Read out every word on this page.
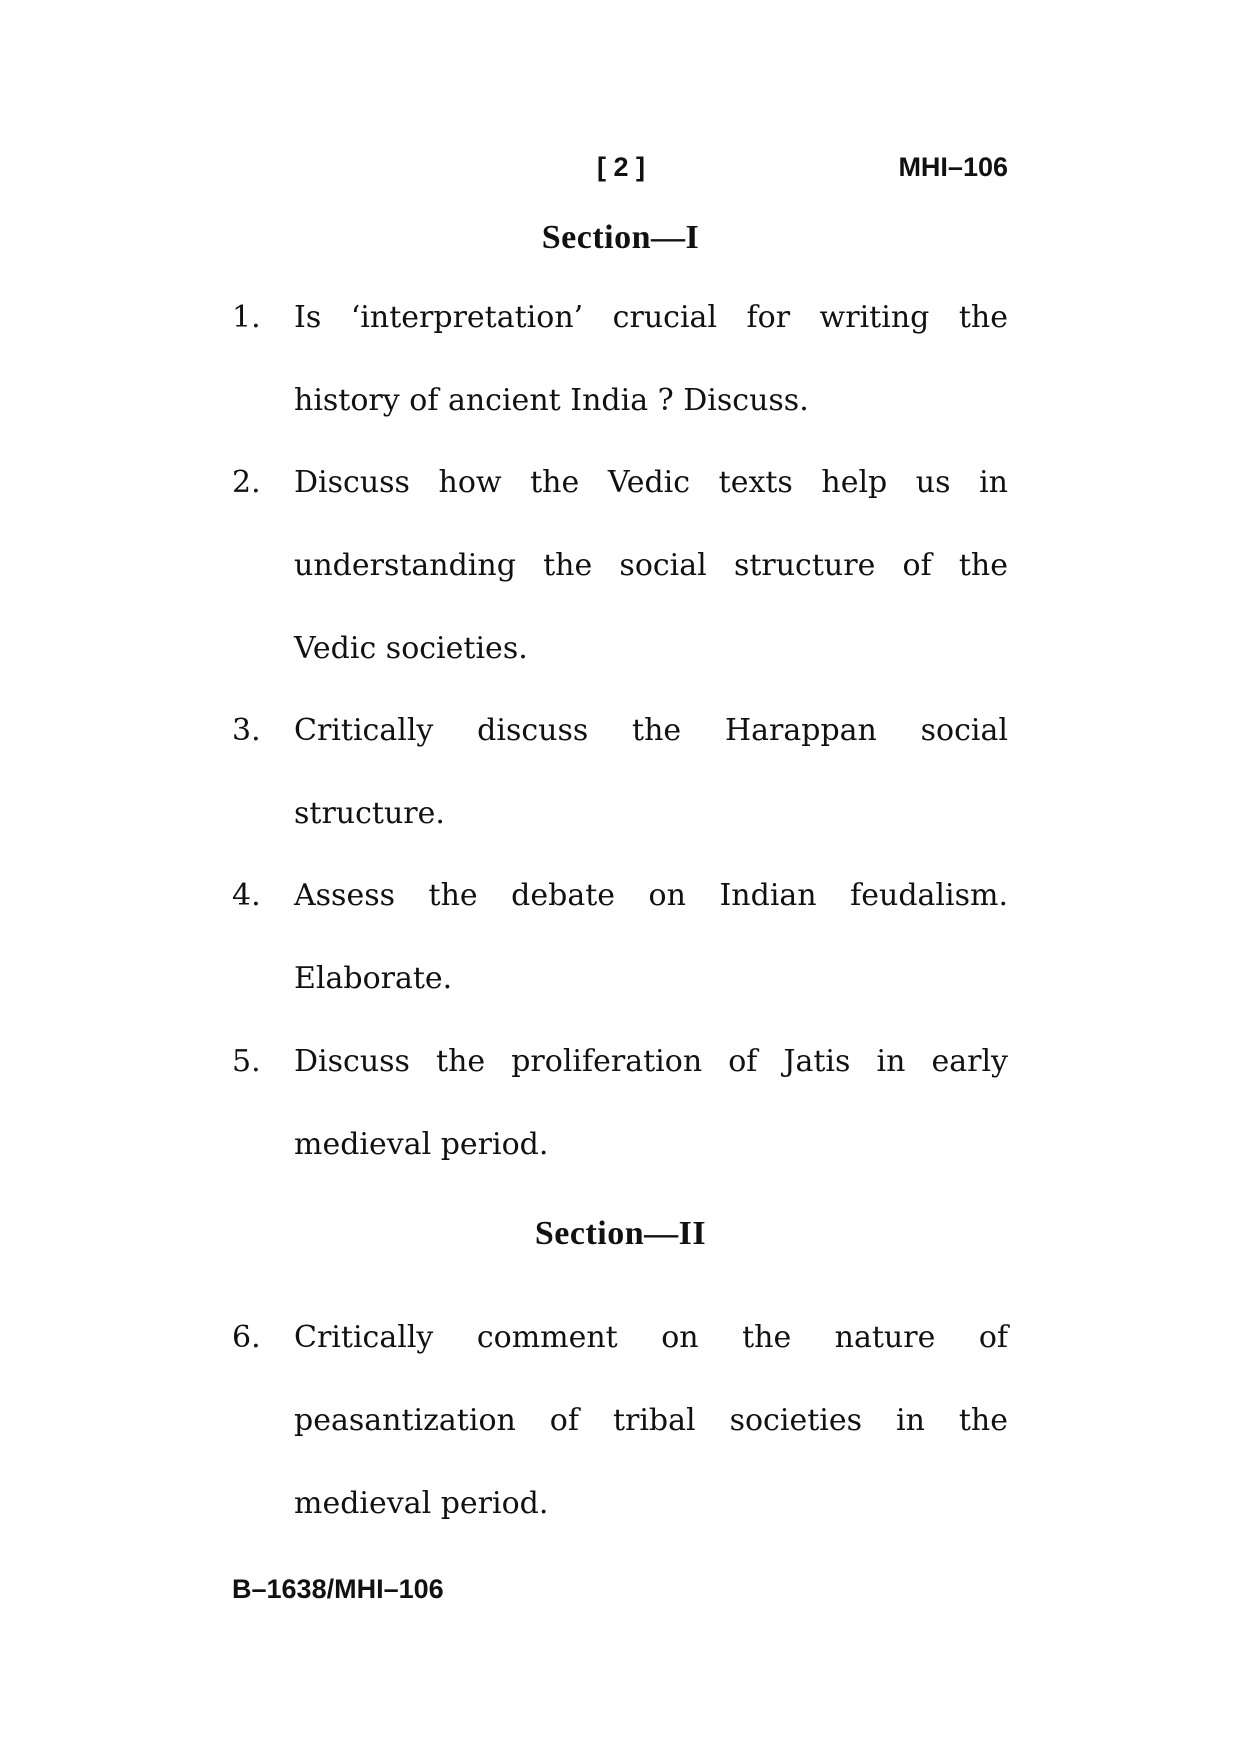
[ 2 ]	MHI–106
Section—I
1. Is ‘interpretation’ crucial for writing the history of ancient India ? Discuss.
2. Discuss how the Vedic texts help us in understanding the social structure of the Vedic societies.
3. Critically discuss the Harappan social structure.
4. Assess the debate on Indian feudalism. Elaborate.
5. Discuss the proliferation of Jatis in early medieval period.
Section—II
6. Critically comment on the nature of peasantization of tribal societies in the medieval period.
B–1638/MHI–106
